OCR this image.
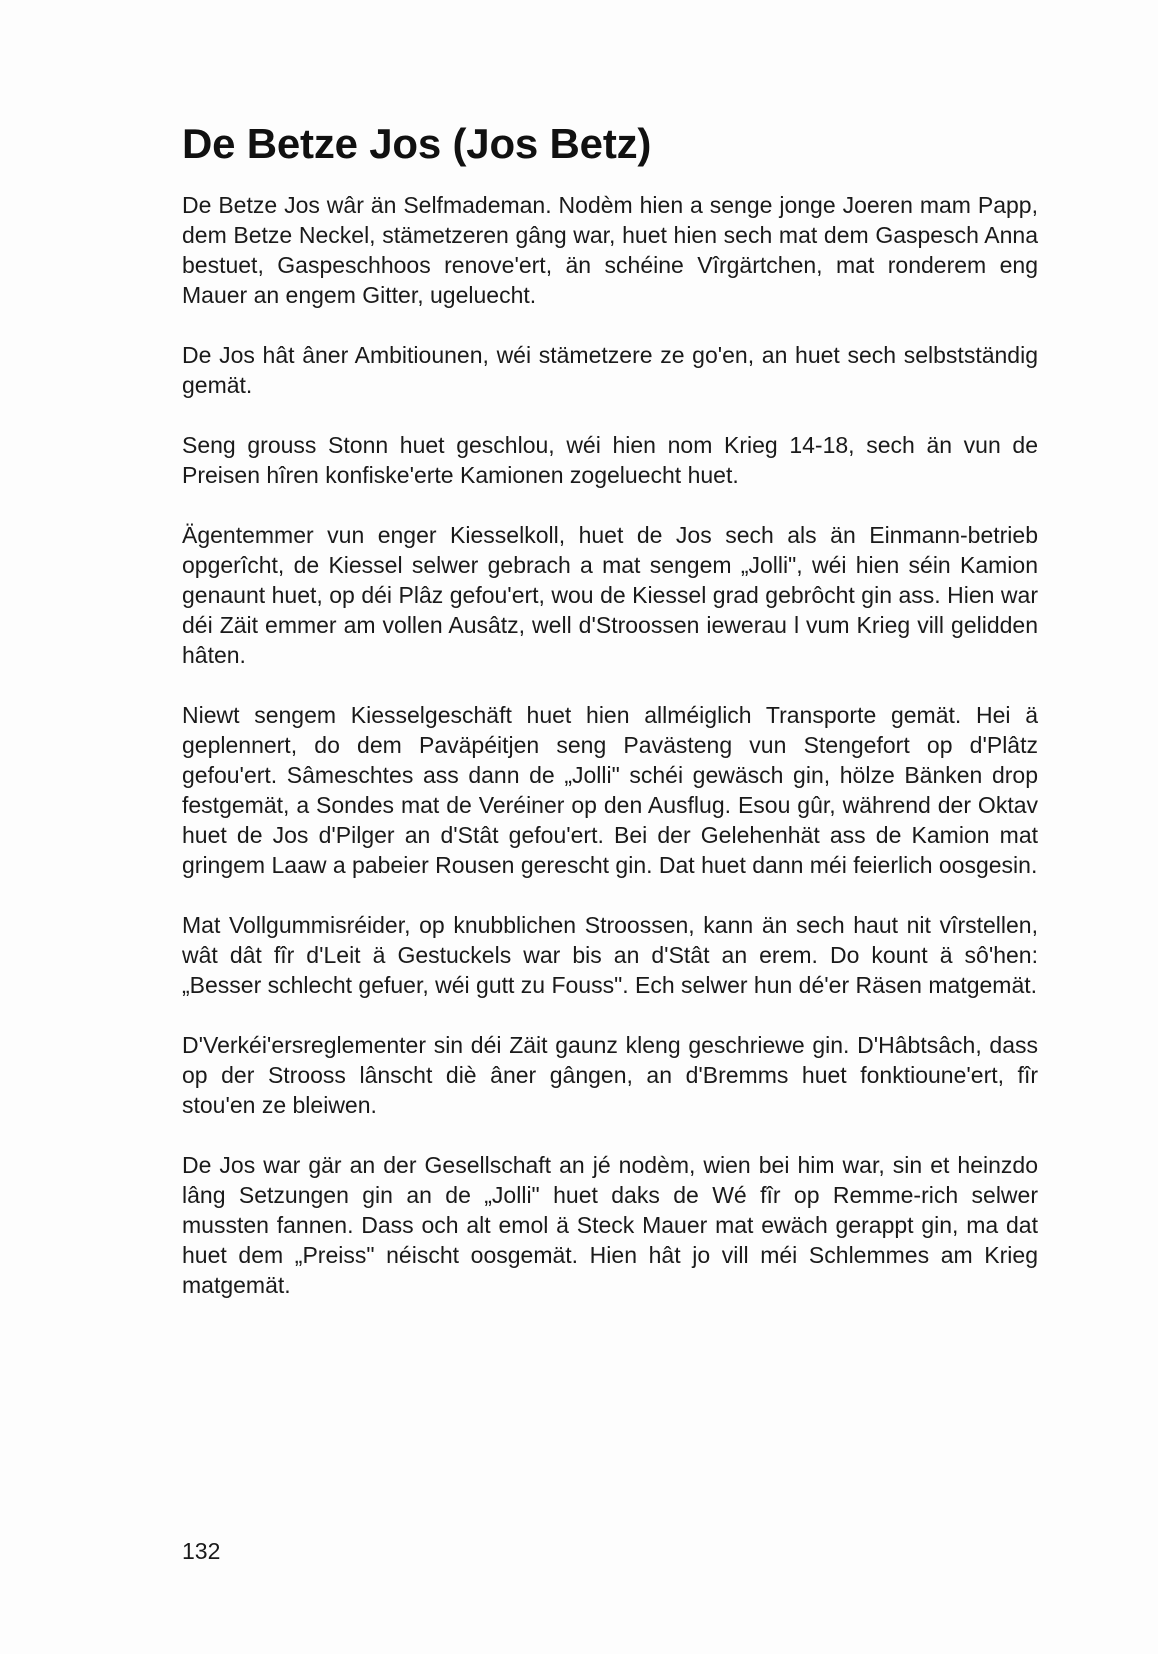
De Betze Jos (Jos Betz)

De Betze Jos wâr än Selfmademan. Nodèm hien a senge jonge Joeren mam Papp, dem Betze Neckel, stämetzeren gâng war, huet hien sech mat dem Gaspesch Anna bestuet, Gaspeschhoos renove'ert, än schéine Vîrgärtchen, mat ronderem eng Mauer an engem Gitter, ugeluecht.

De Jos hât âner Ambitiounen, wéi stämetzere ze go'en, an huet sech selbstständig gemät.

Seng grouss Stonn huet geschlou, wéi hien nom Krieg 14-18, sech än vun de Preisen hîren konfiske'erte Kamionen zogeluecht huet.

Ägentemmer vun enger Kiesselkoll, huet de Jos sech als än Einmann-betrieb opgerîcht, de Kiessel selwer gebrach a mat sengem „Jolli", wéi hien séin Kamion genaunt huet, op déi Plâz gefou'ert, wou de Kiessel grad gebrôcht gin ass. Hien war déi Zäit emmer am vollen Ausâtz, well d'Stroossen iewerau l vum Krieg vill gelidden hâten.

Niewt sengem Kiesselgeschäft huet hien allméiglich Transporte gemät. Hei ä geplennert, do dem Paväpéitjen seng Pavästeng vun Stengefort op d'Plâtz gefou'ert. Sâmeschtes ass dann de „Jolli" schéi gewäsch gin, hölze Bänken drop festgemät, a Sondes mat de Veréiner op den Ausflug. Esou gûr, während der Oktav huet de Jos d'Pilger an d'Stât gefou'ert. Bei der Gelehenhät ass de Kamion mat gringem Laaw a pabeier Rousen gerescht gin. Dat huet dann méi feierlich oosgesin.

Mat Vollgummisréider, op knubblichen Stroossen, kann än sech haut nit vîrstellen, wât dât fîr d'Leit ä Gestuckels war bis an d'Stât an erem. Do kount ä sô'hen: „Besser schlecht gefuer, wéi gutt zu Fouss". Ech selwer hun dé'er Räsen matgemät.

D'Verkéi'ersreglementer sin déi Zäit gaunz kleng geschriewe gin. D'Hâbtsâch, dass op der Strooss lânscht diè âner gângen, an d'Bremms huet fonktioune'ert, fîr stou'en ze bleiwen.

De Jos war gär an der Gesellschaft an jé nodèm, wien bei him war, sin et heinzdo lâng Setzungen gin an de „Jolli" huet daks de Wé fîr op Remme-rich selwer mussten fannen. Dass och alt emol ä Steck Mauer mat ewäch gerappt gin, ma dat huet dem „Preiss" néischt oosgemät. Hien hât jo vill méi Schlemmes am Krieg matgemät.

132
